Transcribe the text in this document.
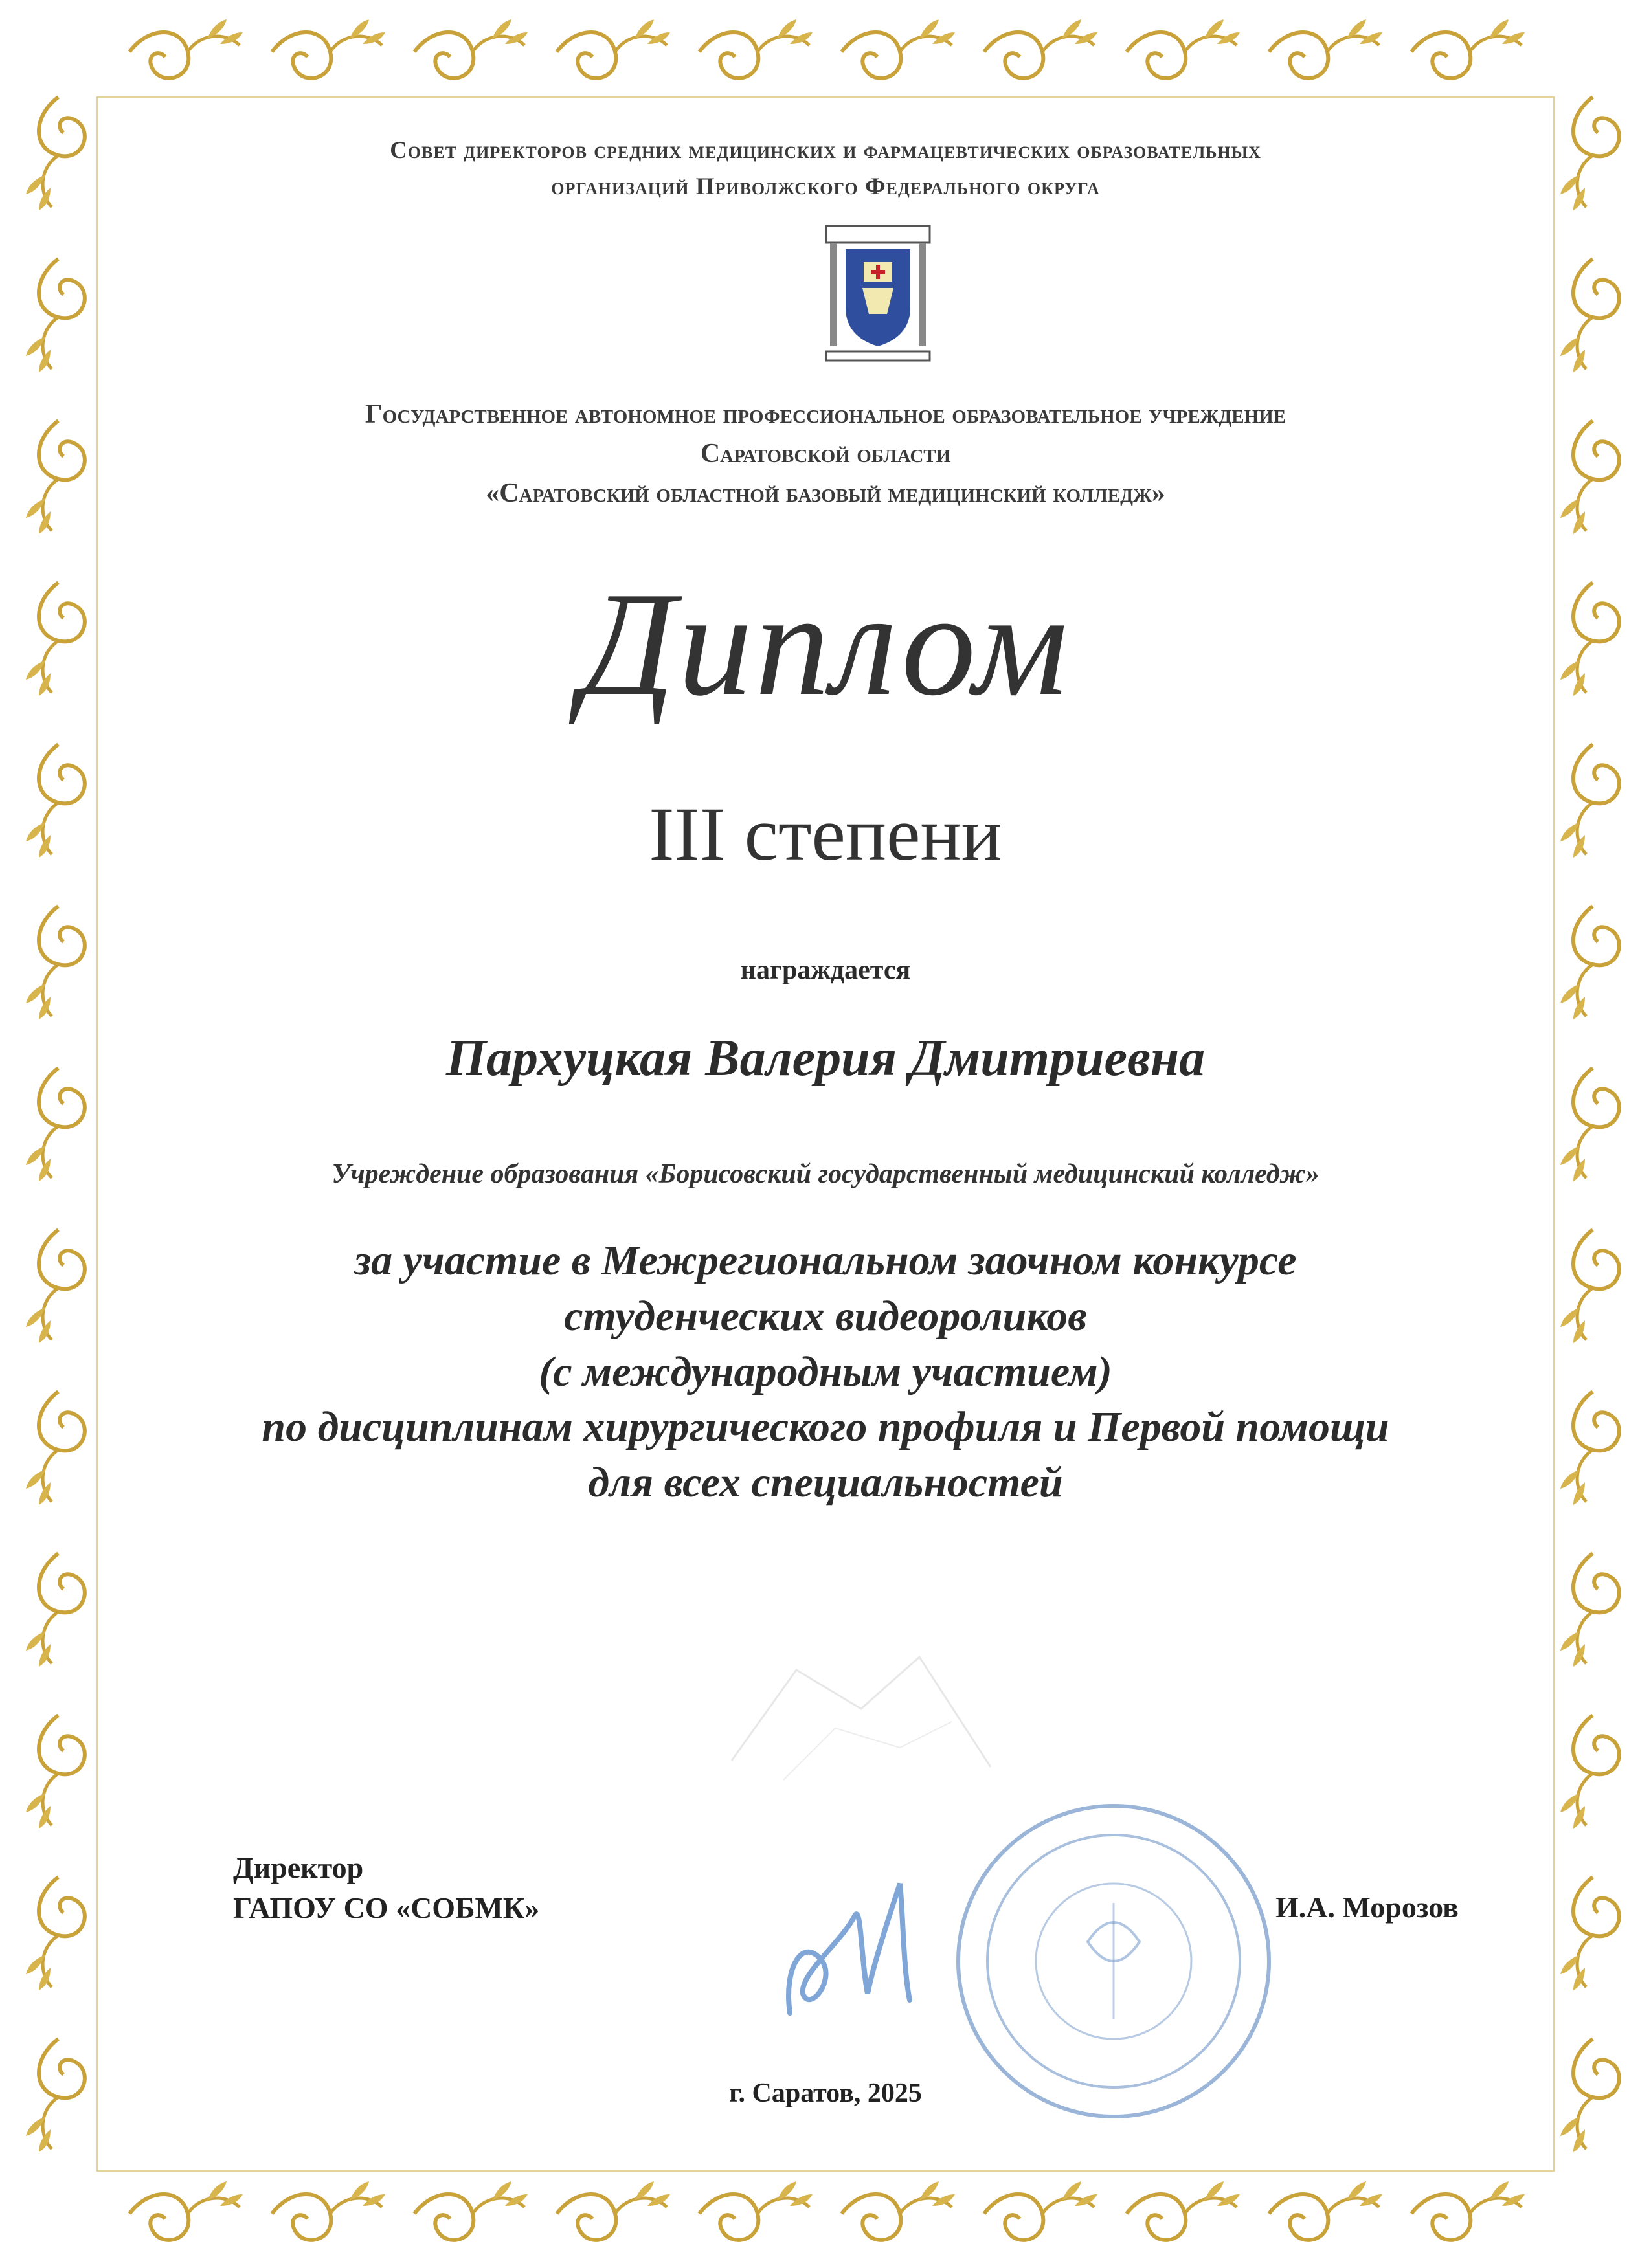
Совет директоров средних медицинских и фармацевтических образовательных
организаций Приволжского Федерального округа
Государственное автономное профессиональное образовательное учреждение
Саратовской области
«Саратовский областной базовый медицинский колледж»
Диплом
III степени
награждается
Пархуцкая Валерия Дмитриевна
Учреждение образования «Борисовский государственный медицинский колледж»
за участие в Межрегиональном заочном конкурсе
студенческих видеороликов
(с международным участием)
по дисциплинам хирургического профиля и Первой помощи
для всех специальностей
Директор
ГАПОУ СО «СОБМК»	И.А. Морозов
г. Саратов, 2025
